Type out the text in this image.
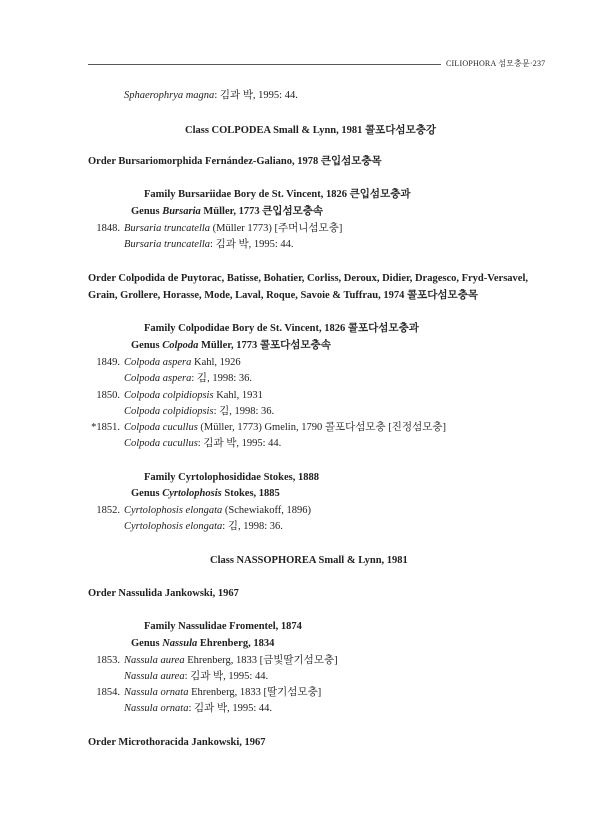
CILIOPHORA 섬모충문·237
Sphaerophrya magna: 김과 박, 1995: 44.
Class COLPODEA Small & Lynn, 1981 콜포다섬모충강
Order Bursariomorphida Fernández-Galiano, 1978 큰입섬모충목
Family Bursariidae Bory de St. Vincent, 1826 큰입섬모충과
Genus Bursaria Müller, 1773 큰입섬모충속
1848. Bursaria truncatella (Müller 1773) [주머니섬모충]
Bursaria truncatella: 김과 박, 1995: 44.
Order Colpodida de Puytorac, Batisse, Bohatier, Corliss, Deroux, Didier, Dragesco, Fryd-Versavel,
Grain, Grollere, Horasse, Mode, Laval, Roque, Savoie & Tuffrau, 1974 콜포다섬모충목
Family Colpodidae Bory de St. Vincent, 1826 콜포다섬모충과
Genus Colpoda Müller, 1773 콜포다섬모충속
1849. Colpoda aspera Kahl, 1926
Colpoda aspera: 김, 1998: 36.
1850. Colpoda colpidiopsis Kahl, 1931
Colpoda colpidiopsis: 김, 1998: 36.
*1851. Colpoda cucullus (Müller, 1773) Gmelin, 1790 콜포다섬모충 [진정섬모충]
Colpoda cucullus: 김과 박, 1995: 44.
Family Cyrtolophosididae Stokes, 1888
Genus Cyrtolophosis Stokes, 1885
1852. Cyrtolophosis elongata (Schewiakoff, 1896)
Cyrtolophosis elongata: 김, 1998: 36.
Class NASSOPHOREA Small & Lynn, 1981
Order Nassulida Jankowski, 1967
Family Nassulidae Fromentel, 1874
Genus Nassula Ehrenberg, 1834
1853. Nassula aurea Ehrenberg, 1833 [금빛딸기섬모충]
Nassula aurea: 김과 박, 1995: 44.
1854. Nassula ornata Ehrenberg, 1833 [딸기섬모충]
Nassula ornata: 김과 박, 1995: 44.
Order Microthoracida Jankowski, 1967
